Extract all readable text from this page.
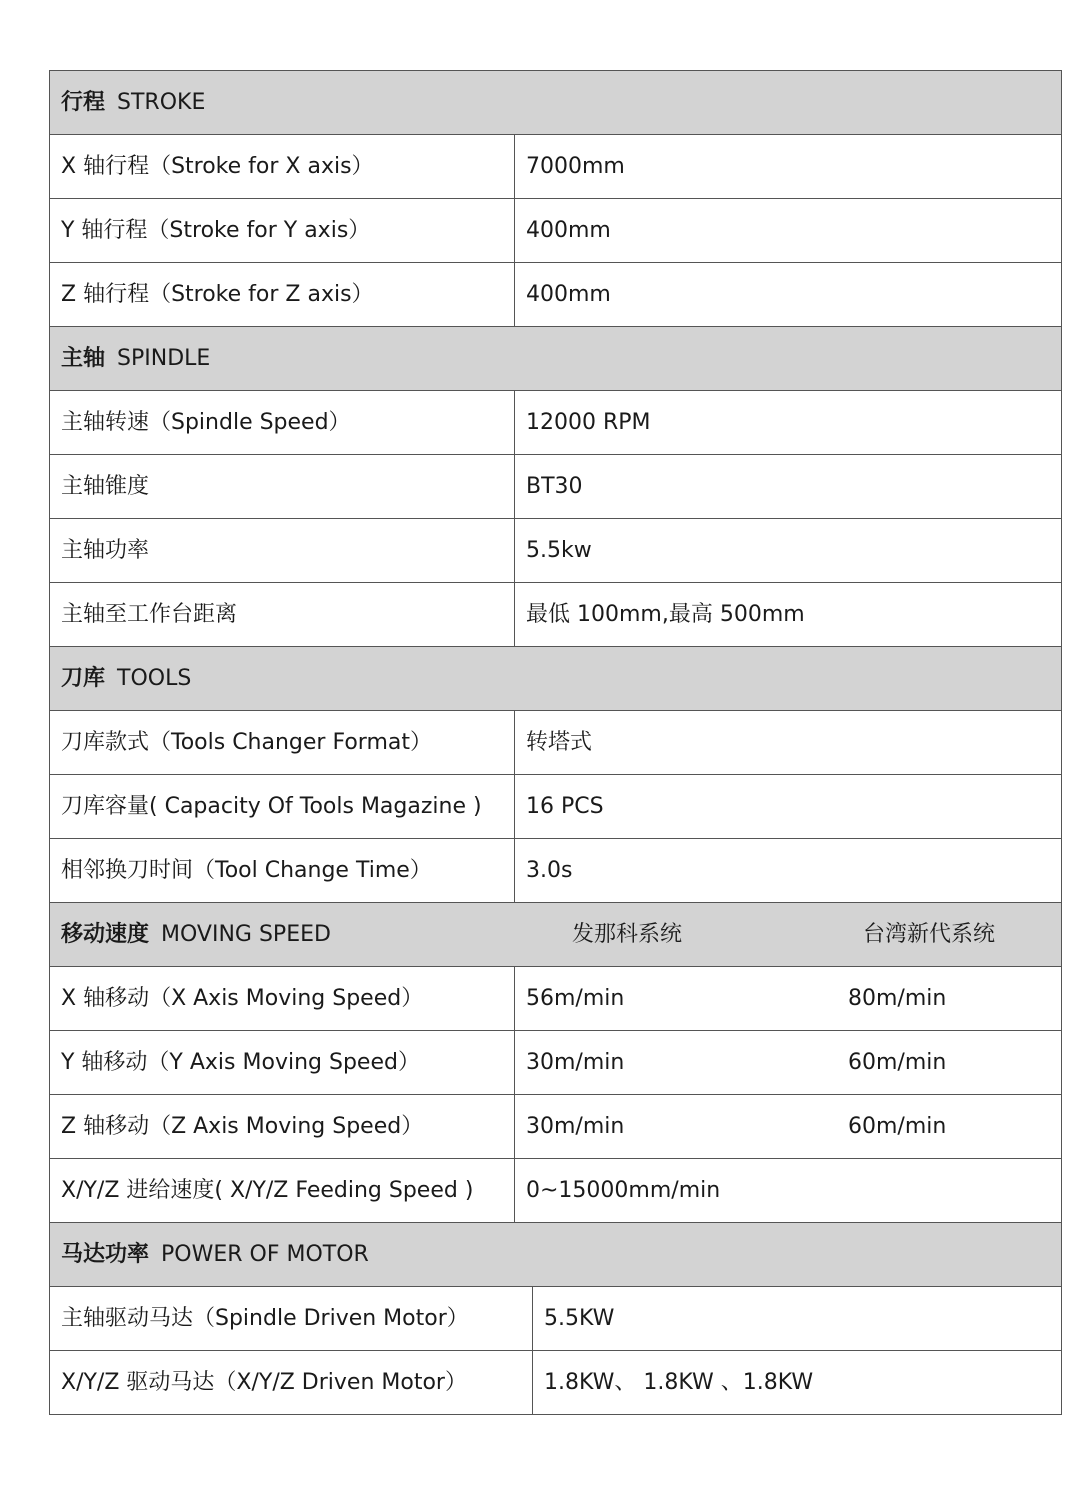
行程 STROKE
X 轴行程（Stroke for X axis）	7000mm
Y 轴行程（Stroke for Y axis）	400mm
Z 轴行程（Stroke for Z axis）	400mm
主轴 SPINDLE
主轴转速（Spindle Speed）	12000 RPM
主轴锥度	BT30
主轴功率	5.5kw
主轴至工作台距离	最低 100mm,最高 500mm
刀库 TOOLS
刀库款式（Tools Changer Format）	转塔式
刀库容量( Capacity Of Tools Magazine ) 16 PCS
相邻换刀时间（Tool Change Time）	3.0s
移动速度 MOVING SPEED	发那科系统	台湾新代系统
X 轴移动（X Axis Moving Speed）	56m/min	80m/min
Y 轴移动（Y Axis Moving Speed）	30m/min	60m/min
Z 轴移动（Z Axis Moving Speed）	30m/min	60m/min
X/Y/Z 进给速度( X/Y/Z Feeding Speed ) 0~15000mm/min
马达功率 POWER OF MOTOR
主轴驱动马达（Spindle Driven Motor）	5.5KW
X/Y/Z 驱动马达（X/Y/Z Driven Motor）	1.8KW、 1.8KW 、1.8KW
